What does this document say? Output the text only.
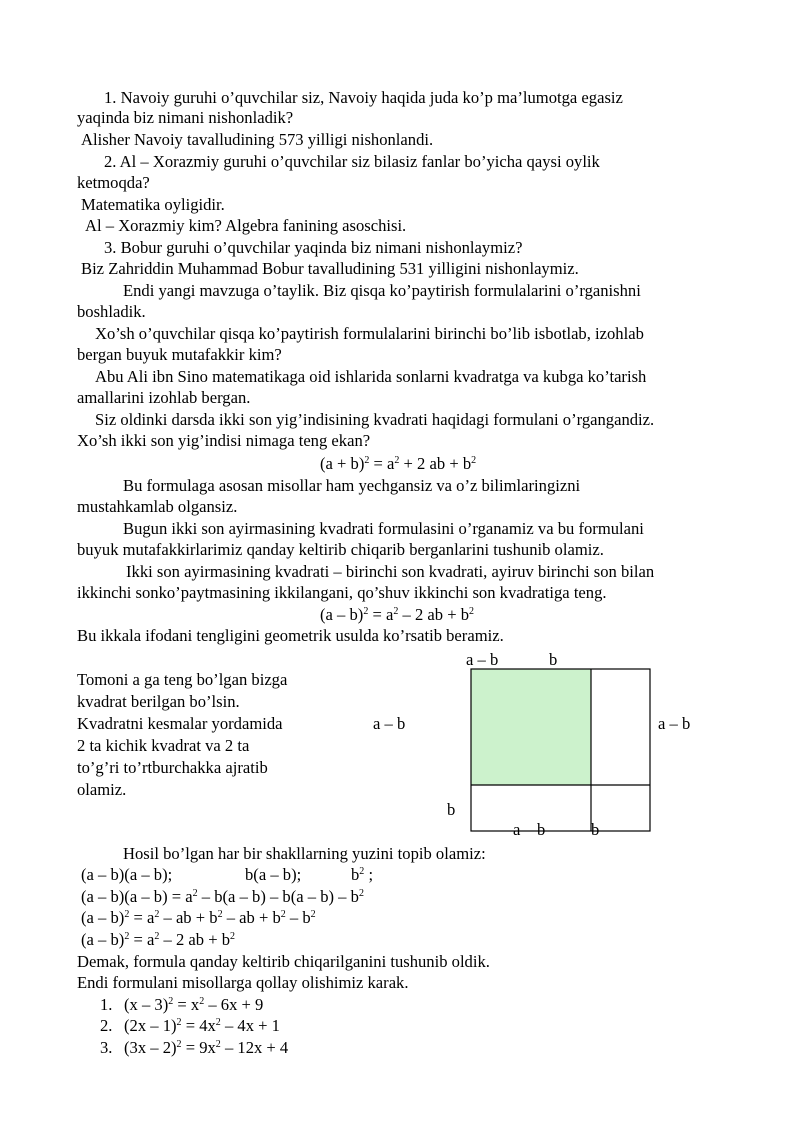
1. Navoiy guruhi o’quvchilar siz, Navoiy haqida juda ko’p ma’lumotga egasiz
yaqinda biz nimani nishonladik?
Alisher Navoiy tavalludining 573 yilligi nishonlandi.
2. Al – Xorazmiy guruhi o’quvchilar siz bilasiz fanlar bo’yicha qaysi oylik
ketmoqda?
Matematika oyligidir.
Al – Xorazmiy kim? Algebra fanining asoschisi.
3. Bobur guruhi o’quvchilar yaqinda biz nimani nishonlaymiz?
Biz Zahriddin Muhammad Bobur tavalludining 531 yilligini nishonlaymiz.
Endi yangi mavzuga o’taylik. Biz qisqa ko’paytirish formulalarini o’rganishni
boshladik.
Xo’sh o’quvchilar qisqa ko’paytirish formulalarini birinchi bo’lib isbotlab, izohlab
bergan buyuk mutafakkir kim?
Abu Ali ibn Sino matematikaga oid ishlarida sonlarni kvadratga va kubga ko’tarish
amallarini izohlab bergan.
Siz oldinki darsda ikki son yig’indisining kvadrati haqidagi formulani o’rgangandiz.
Xo’sh ikki son yig’indisi nimaga teng ekan?
$(a + b)^2 = a^2 + 2$ ab + $b^2$
Bu formulaga asosan misollar ham yechgansiz va o’z bilimlaringizni
mustahkamlab olgansiz.
Bugun ikki son ayirmasining kvadrati formulasini o’rganamiz va bu formulani
buyuk mutafakkirlarimiz qanday keltirib chiqarib berganlarini tushunib olamiz.
Ikki son ayirmasining kvadrati – birinchi son kvadrati, ayiruv birinchi son bilan
ikkinchi sonko’paytmasining ikkilangani, qo’shuv ikkinchi son kvadratiga teng.
$(a - b)^2 = a^2 - 2$ ab + $b^2$
Bu ikkala ifodani tengligini geometrik usulda ko’rsatib beramiz.
Tomoni a ga teng bo’lgan bizga
kvadrat berilgan bo’lsin.
Kvadratni kesmalar yordamida
2 ta kichik kvadrat va 2 ta
to’g’ri to’rtburchakka ajratib
olamiz.
a – b	b
a – b	a – b
b
a – b	b
Hosil bo’lgan har bir shakllarning yuzini topib olamiz:
(a – b)(a – b);	b(a – b);	$b^2$ ;
$(a - b)(a - b) = a^2 - b(a - b) - b(a - b) - b^2$
$(a - b)^2 = a^2$ – ab + $b^2$ – ab + $b^2 - b^2$
$(a - b)^2 = a^2 - 2$ ab + $b^2$
Demak, formula qanday keltirib chiqarilganini tushunib oldik.
Endi formulani misollarga qollay olishimiz karak.
1. $(x - 3)^2 = x^2 - 6x + 9$
2. $(2x - 1)^2 = 4x^2 - 4x + 1$
3. $(3x - 2)^2 = 9x^2 - 12x + 4$
